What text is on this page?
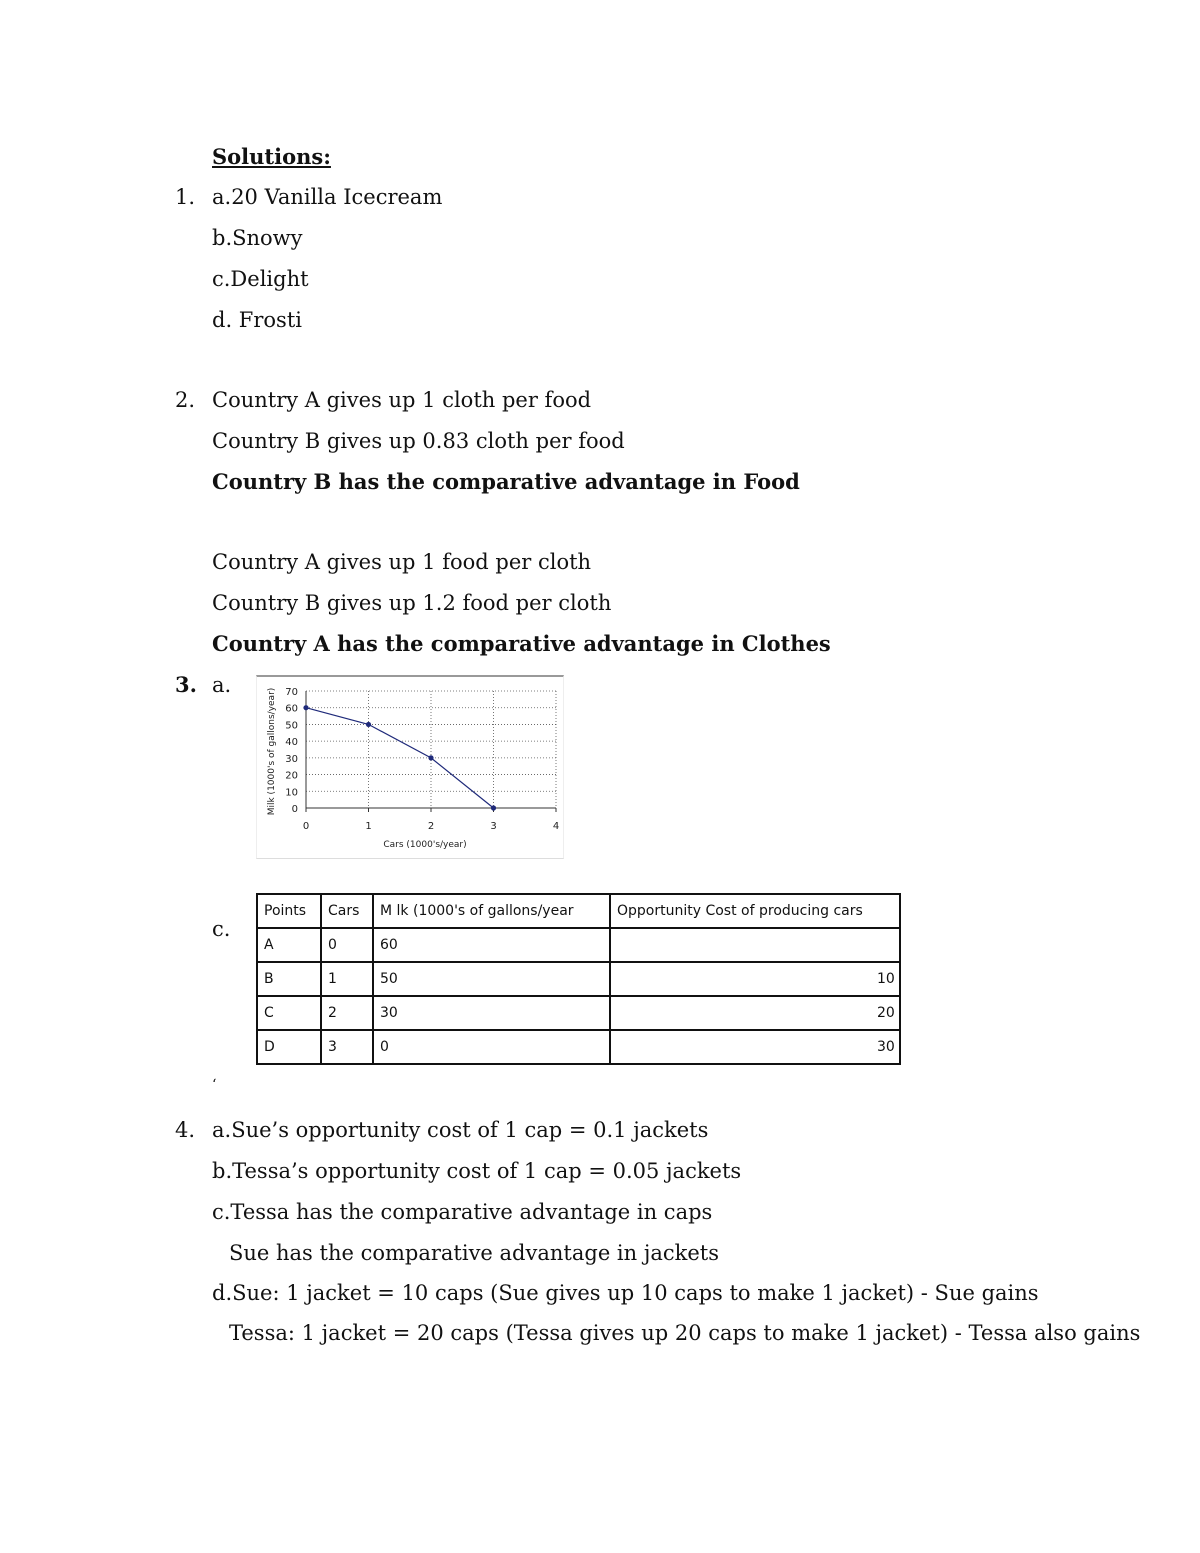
Solutions:
1. a.20 Vanilla Icecream
b.Snowy
c.Delight
d. Frosti
2. Country A gives up 1 cloth per food
Country B gives up 0.83 cloth per food
Country B has the comparative advantage in Food
Country A gives up 1 food per cloth
Country B gives up 1.2 food per cloth
Country A has the comparative advantage in Clothes
3. a.
0
10
20
30
40
50
60
70
0	1	2	3	4
Cars (1000's/year)
Milk (1000's of gallons/year)
c.
Points	Cars	M lk (1000's of gallons/year	Opportunity Cost of producing cars
A	0	60	
B	1	50	10
C	2	30	20
D	3	0	30
‘
4. a.Sue’s opportunity cost of 1 cap = 0.1 jackets
b.Tessa’s opportunity cost of 1 cap = 0.05 jackets
c.Tessa has the comparative advantage in caps
Sue has the comparative advantage in jackets
d.Sue: 1 jacket = 10 caps (Sue gives up 10 caps to make 1 jacket) - Sue gains
Tessa: 1 jacket = 20 caps (Tessa gives up 20 caps to make 1 jacket) - Tessa also gains
